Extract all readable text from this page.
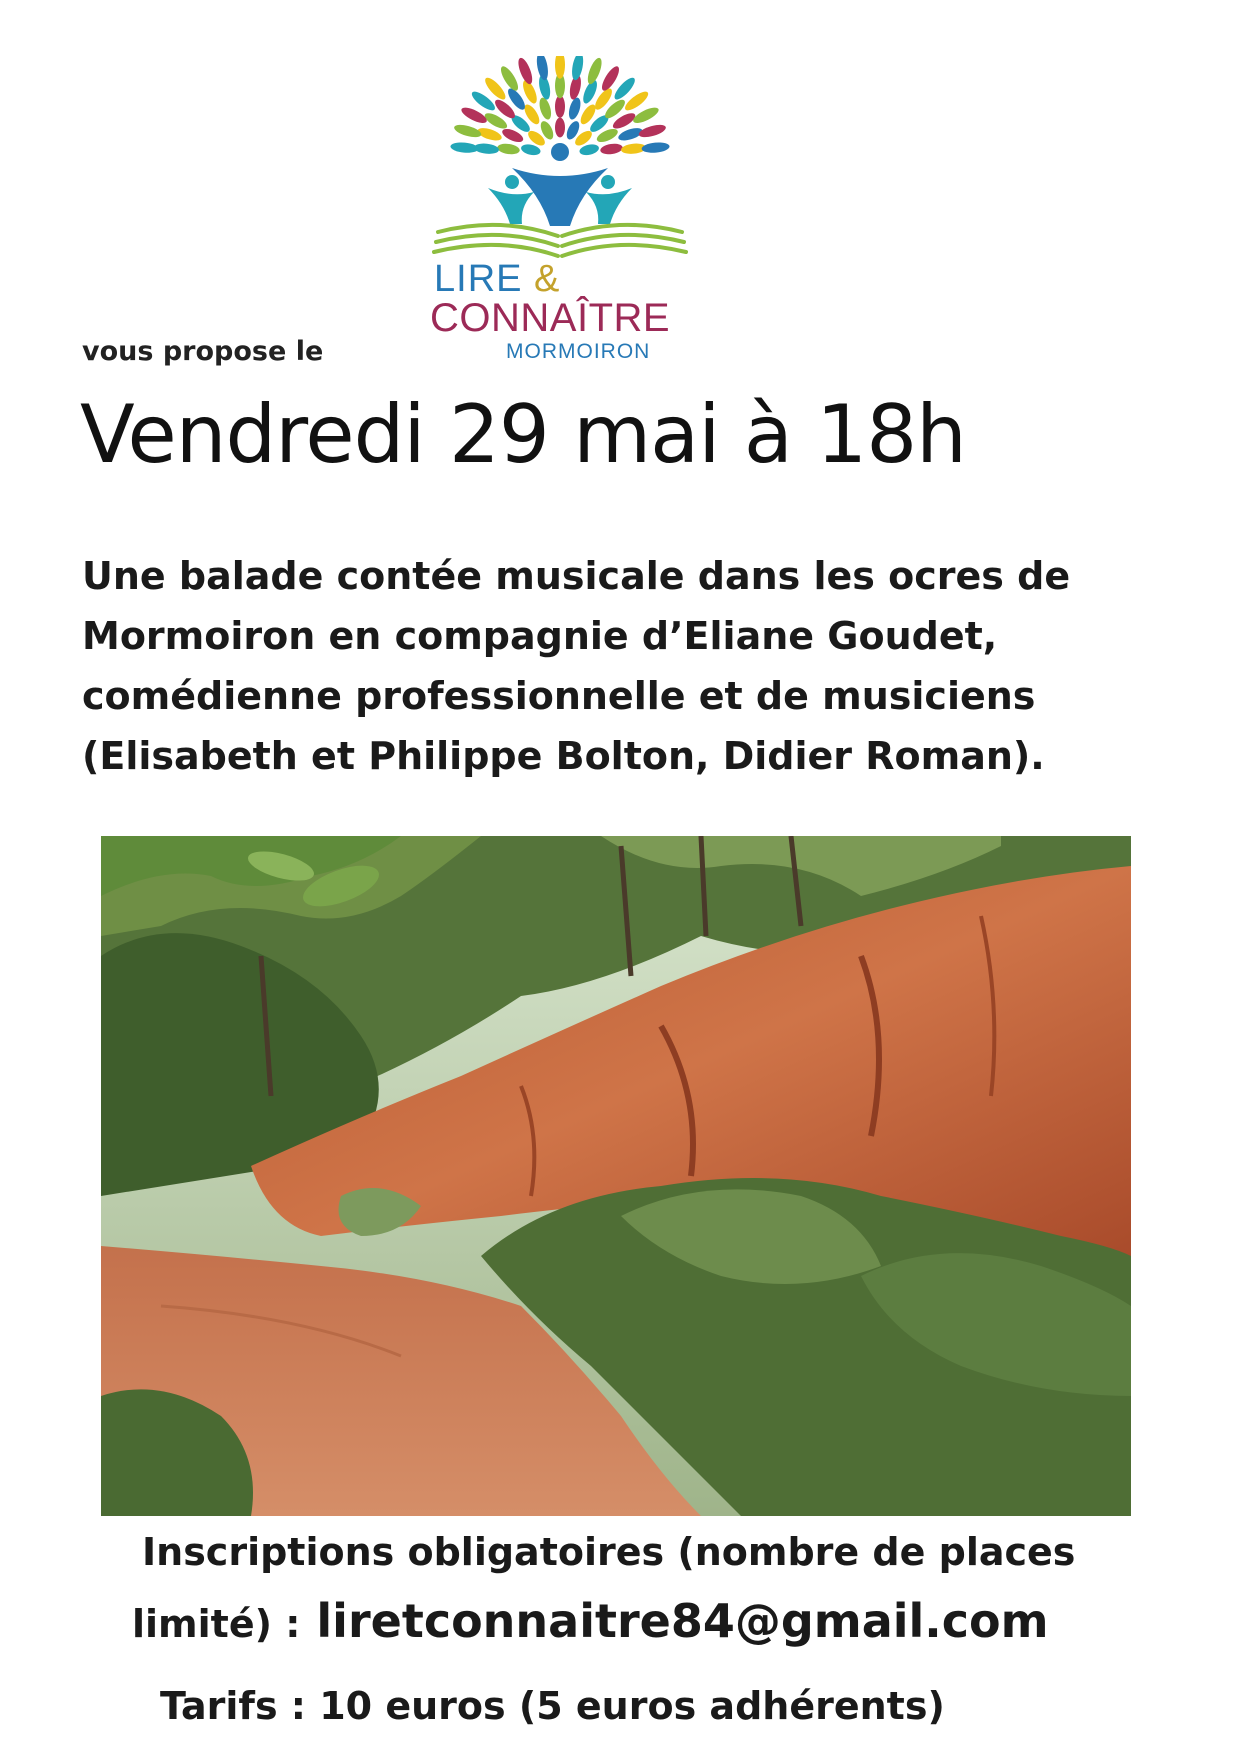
LIRE &
CONNAÎTRE
MORMOIRON
vous propose le
Vendredi 29 mai à 18h
Une balade contée musicale dans les ocres de
Mormoiron en compagnie d’Eliane Goudet,
comédienne professionnelle et de musiciens
(Elisabeth et Philippe Bolton, Didier Roman).
Inscriptions obligatoires (nombre de places
limité) : liretconnaitre84@gmail.com
Tarifs : 10 euros (5 euros adhérents)
